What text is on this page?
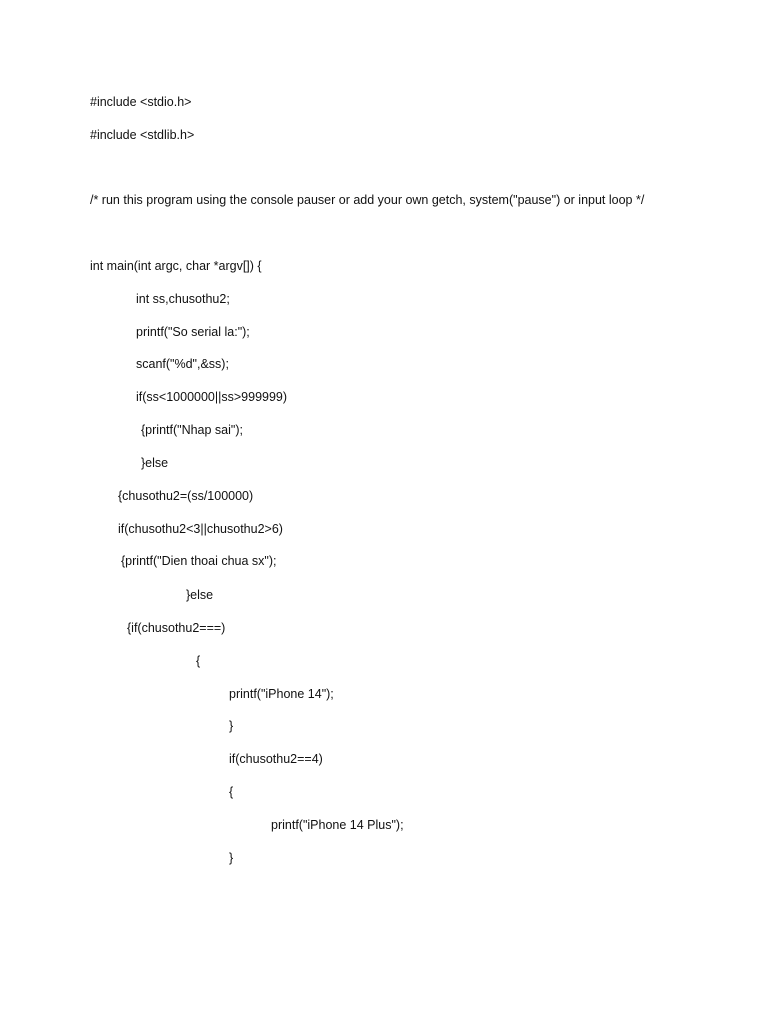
#include <stdio.h>
#include <stdlib.h>
/* run this program using the console pauser or add your own getch, system("pause") or input loop */
int main(int argc, char *argv[]) {
int ss,chusothu2;
printf("So serial la:");
scanf("%d",&ss);
if(ss<1000000||ss>999999)
{printf("Nhap sai");
}else
{chusothu2=(ss/100000)
if(chusothu2<3||chusothu2>6)
{printf("Dien thoai chua sx");
}else
{if(chusothu2===)
{
printf("iPhone 14");
}
if(chusothu2==4)
{
printf("iPhone 14 Plus");
}
